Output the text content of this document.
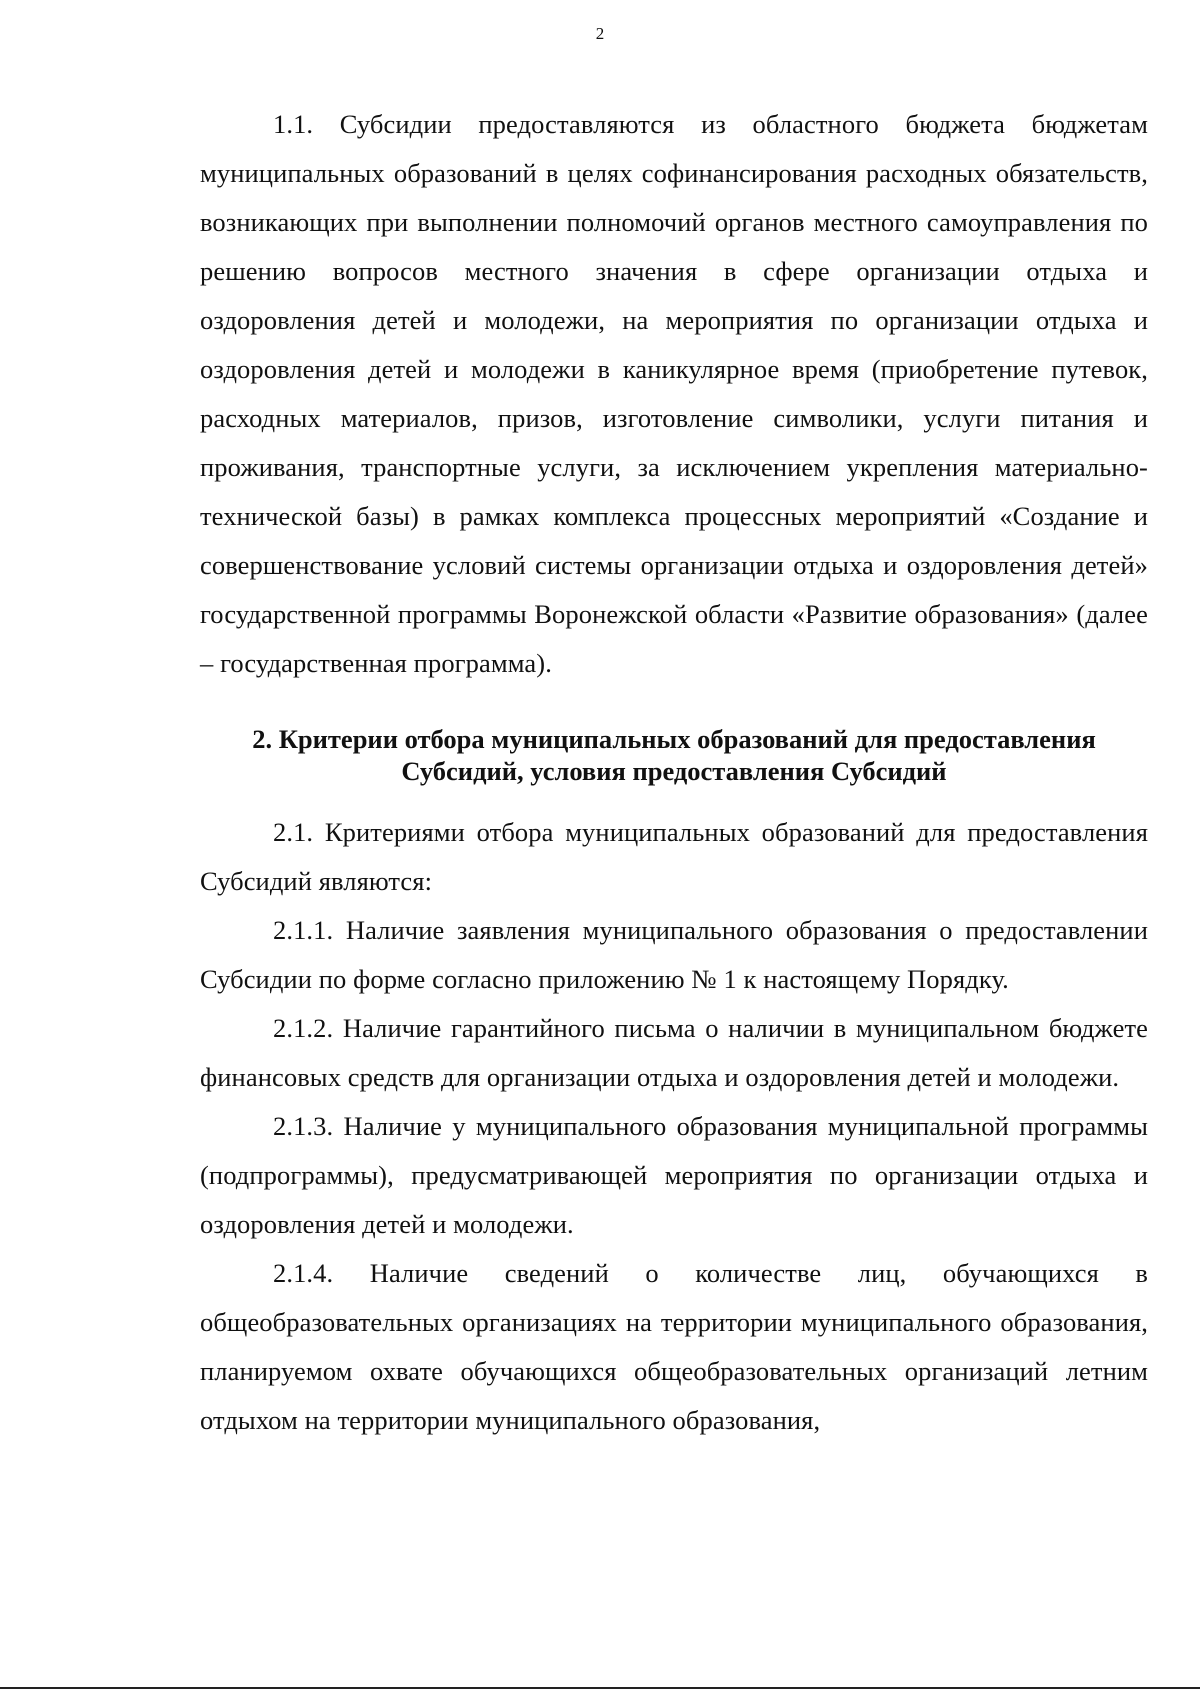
2

1.1. Субсидии предоставляются из областного бюджета бюджетам муниципальных образований в целях софинансирования расходных обязательств, возникающих при выполнении полномочий органов местного самоуправления по решению вопросов местного значения в сфере организации отдыха и оздоровления детей и молодежи, на мероприятия по организации отдыха и оздоровления детей и молодежи в каникулярное время (приобретение путевок, расходных материалов, призов, изготовление символики, услуги питания и проживания, транспортные услуги, за исключением укрепления материально-технической базы) в рамках комплекса процессных мероприятий «Создание и совершенствование условий системы организации отдыха и оздоровления детей» государственной программы Воронежской области «Развитие образования» (далее – государственная программа).

2. Критерии отбора муниципальных образований для предоставления
Субсидий, условия предоставления Субсидий

2.1. Критериями отбора муниципальных образований для предоставления Субсидий являются:

2.1.1. Наличие заявления муниципального образования о предоставлении Субсидии по форме согласно приложению № 1 к настоящему Порядку.

2.1.2. Наличие гарантийного письма о наличии в муниципальном бюджете финансовых средств для организации отдыха и оздоровления детей и молодежи.

2.1.3. Наличие у муниципального образования муниципальной программы (подпрограммы), предусматривающей мероприятия по организации отдыха и оздоровления детей и молодежи.

2.1.4. Наличие сведений о количестве лиц, обучающихся в общеобразовательных организациях на территории муниципального образования, планируемом охвате обучающихся общеобразовательных организаций летним отдыхом на территории муниципального образования,
